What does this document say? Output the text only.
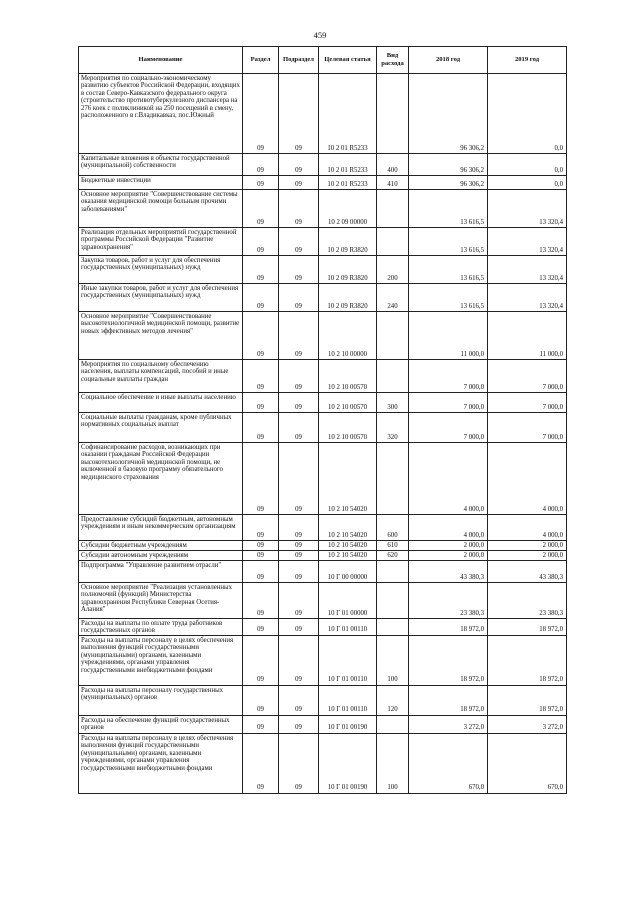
459
Наименование	Раздел	Подраздел	Целевая статья	Вид расхода	2018 год	2019 год
Мероприятия по социально-экономическому развитию субъектов Российской Федерации, входящих в состав Северо-Кавказского федерального округа (строительство противотуберкулезного диспансера на 276 коек с поликлиникой на 250 посещений в смену, расположенного в г.Владикавказ, пос.Южный	09	09	10 2 01 R5233		96 306,2	0,0
Капитальные вложения в объекты государственной (муниципальной) собственности	09	09	10 2 01 R5233	400	96 306,2	0,0
Бюджетные инвестиции	09	09	10 2 01 R5233	410	96 306,2	0,0
Основное мероприятие "Совершенствование системы оказания медицинской помощи больным прочими заболеваниями"	09	09	10 2 09 00000		13 616,5	13 320,4
Реализация отдельных мероприятий государственной программы Российской Федерации "Развитие здравоохранения"	09	09	10 2 09 R3820		13 616,5	13 320,4
Закупка товаров, работ и услуг для обеспечения государственных (муниципальных) нужд	09	09	10 2 09 R3820	200	13 616,5	13 320,4
Иные закупки товаров, работ и услуг для обеспечения государственных (муниципальных) нужд	09	09	10 2 09 R3820	240	13 616,5	13 320,4
Основное мероприятие "Совершенствование высокотехнологичной медицинской помощи, развитие новых эффективных методов лечения"	09	09	10 2 10 00000		11 000,0	11 000,0
Мероприятия по социальному обеспечению населения, выплаты компенсаций, пособий и иные социальные выплаты граждан	09	09	10 2 10 00570		7 000,0	7 000,0
Социальное обеспечение и иные выплаты населению	09	09	10 2 10 00570	300	7 000,0	7 000,0
Социальные выплаты гражданам, кроме публичных нормативных социальных выплат	09	09	10 2 10 00570	320	7 000,0	7 000,0
Софинансирование расходов, возникающих при оказании гражданам Российской Федерации высокотехнологичной медицинской помощи, не включенной в базовую программу обязательного медицинского страхования	09	09	10 2 10 54020		4 000,0	4 000,0
Предоставление субсидий бюджетным, автономным учреждениям и иным некоммерческим организациям	09	09	10 2 10 54020	600	4 000,0	4 000,0
Субсидии бюджетным учреждениям	09	09	10 2 10 54020	610	2 000,0	2 000,0
Субсидии автономным учреждениям	09	09	10 2 10 54020	620	2 000,0	2 000,0
Подпрограмма "Управление развитием отрасли"	09	09	10 Г 00 00000		43 380,3	43 380,3
Основное мероприятие "Реализация установленных полномочий (функций) Министерства здравоохранения Республики Северная Осетия-Алания"	09	09	10 Г 01 00000		23 380,3	23 380,3
Расходы на выплаты по оплате труда работников государственных органов	09	09	10 Г 01 00110		18 972,0	18 972,0
Расходы на выплаты персоналу в целях обеспечения выполнения функций государственными (муниципальными) органами, казенными учреждениями, органами управления государственными внебюджетными фондами	09	09	10 Г 01 00110	100	18 972,0	18 972,0
Расходы на выплаты персоналу государственных (муниципальных) органов	09	09	10 Г 01 00110	120	18 972,0	18 972,0
Расходы на обеспечение функций государственных органов	09	09	10 Г 01 00190		3 272,0	3 272,0
Расходы на выплаты персоналу в целях обеспечения выполнения функций государственными (муниципальными) органами, казенными учреждениями, органами управления государственными внебюджетными фондами	09	09	10 Г 01 00190	100	670,0	670,0
